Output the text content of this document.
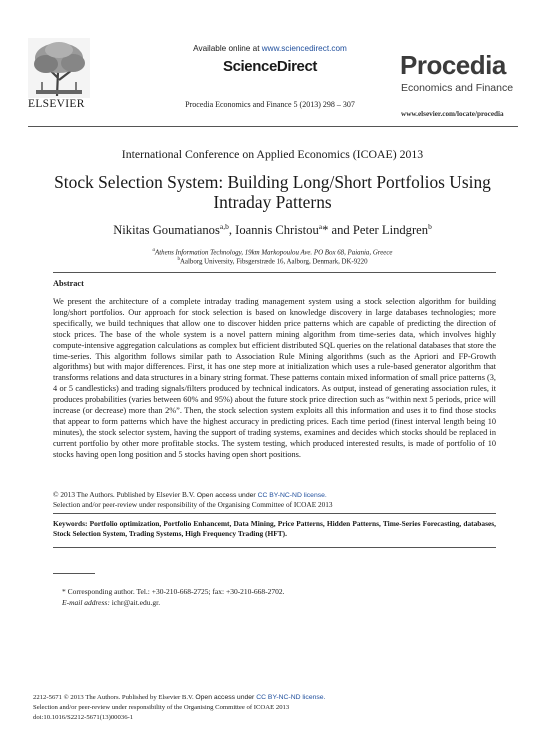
ELSEVIER
Available online at www.sciencedirect.com
ScienceDirect
Procedia Economics and Finance 5 (2013) 298 – 307
Procedia
Economics and Finance
www.elsevier.com/locate/procedia
International Conference on Applied Economics (ICOAE) 2013
Stock Selection System: Building Long/Short Portfolios Using Intraday Patterns
Nikitas Goumatianos$^{a,b}$, Ioannis Christou$^a$* and Peter Lindgren$^b$
$^a$Athens Information Technology, 19km Markopoulou Ave. PO Box 68, Paiania, Greece
$^b$Aalborg University, Fibsgerstræde 16, Aalborg, Denmark, DK-9220
Abstract
We present the architecture of a complete intraday trading management system using a stock selection algorithm for building long/short portfolios. Our approach for stock selection is based on knowledge discovery in large databases technologies; more specifically, we build techniques that allow one to discover hidden price patterns which are capable of predicting the direction of stock prices. The base of the whole system is a novel pattern mining algorithm from time-series data, which involves highly compute-intensive aggregation calculations as complex but efficient distributed SQL queries on the relational databases that store the time-series. This algorithm follows similar path to Association Rule Mining algorithms (such as the Apriori and FP-Growth algorithms) but with major differences. First, it has one step more at initialization which uses a rule-based generator algorithm that transforms relations and data structures in a binary string format. These patterns contain mixed information of small price patterns (3, 4 or 5 candlesticks) and trading signals/filters produced by technical indicators. As output, instead of generating association rules, it produces probabilities (varies between 60% and 95%) about the future stock price direction such as “within next 5 periods, price will increase (or decrease) more than 2%”. Then, the stock selection system exploits all this information and uses it to find those stocks that appear to form patterns which have the highest accuracy in predicting prices. Each time period (finest interval length being 10 minutes), the stock selector system, having the support of trading systems, examines and decides which stocks should be replaced in current portfolio by other more profitable stocks. The system testing, which produced interested results, is made of portfolio of 10 stocks having open long position and 5 stocks having open short positions.
© 2013 The Authors. Published by Elsevier B.V. Open access under CC BY-NC-ND license.
Selection and/or peer-review under responsibility of the Organising Committee of ICOAE 2013
Keywords: Portfolio optimization, Portfolio Enhancemt, Data Mining, Price Patterns, Hidden Patterns, Time-Series Forecasting, databases, Stock Selection System, Trading Systems, High Frequency Trading (HFT).
* Corresponding author. Tel.: +30-210-668-2725; fax: +30-210-668-2702.
E-mail address: ichr@ait.edu.gr.
2212-5671 © 2013 The Authors. Published by Elsevier B.V. Open access under CC BY-NC-ND license.
Selection and/or peer-review under responsibility of the Organising Committee of ICOAE 2013
doi:10.1016/S2212-5671(13)00036-1
